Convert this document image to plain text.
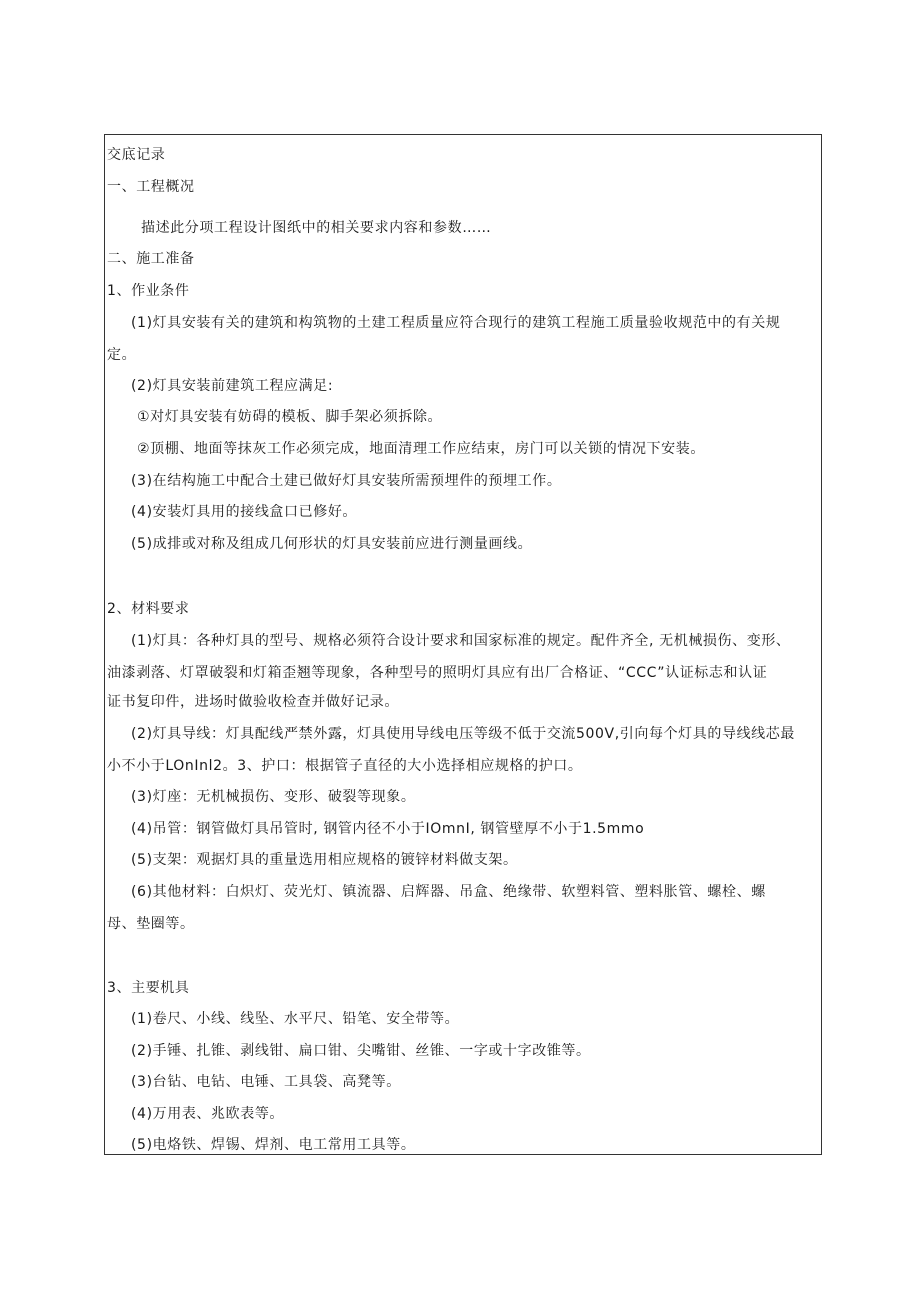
交底记录
一、工程概况
描述此分项工程设计图纸中的相关要求内容和参数……
二、施工准备
1、作业条件
(1)灯具安装有关的建筑和构筑物的土建工程质量应符合现行的建筑工程施工质量验收规范中的有关规
定。
(2)灯具安装前建筑工程应满足:
①对灯具安装有妨碍的模板、脚手架必须拆除。
②顶棚、地面等抹灰工作必须完成，地面清理工作应结束，房门可以关锁的情况下安装。
(3)在结构施工中配合土建已做好灯具安装所需预埋件的预埋工作。
(4)安装灯具用的接线盒口已修好。
(5)成排或对称及组成几何形状的灯具安装前应进行测量画线。
2、材料要求
(1)灯具：各种灯具的型号、规格必须符合设计要求和国家标准的规定。配件齐全, 无机械损伤、变形、
油漆剥落、灯罩破裂和灯箱歪翘等现象，各种型号的照明灯具应有出厂合格证、“CCC”认证标志和认证
证书复印件，进场时做验收检查并做好记录。
(2)灯具导线：灯具配线严禁外露，灯具使用导线电压等级不低于交流500V,引向每个灯具的导线线芯最
小不小于LOnInl2。3、护口：根据管子直径的大小选择相应规格的护口。
(3)灯座：无机械损伤、变形、破裂等现象。
(4)吊管：钢管做灯具吊管时, 钢管内径不小于IOmnI, 钢管壁厚不小于1.5mmo
(5)支架：观据灯具的重量选用相应规格的镀锌材料做支架。
(6)其他材料：白炽灯、荧光灯、镇流器、启辉器、吊盒、绝缘带、软塑料管、塑料胀管、螺栓、螺
母、垫圈等。
3、主要机具
(1)卷尺、小线、线坠、水平尺、铅笔、安全带等。
(2)手锤、扎锥、剥线钳、扁口钳、尖嘴钳、丝锥、一字或十字改锥等。
(3)台钻、电钻、电锤、工具袋、高凳等。
(4)万用表、兆欧表等。
(5)电烙铁、焊锡、焊剂、电工常用工具等。
